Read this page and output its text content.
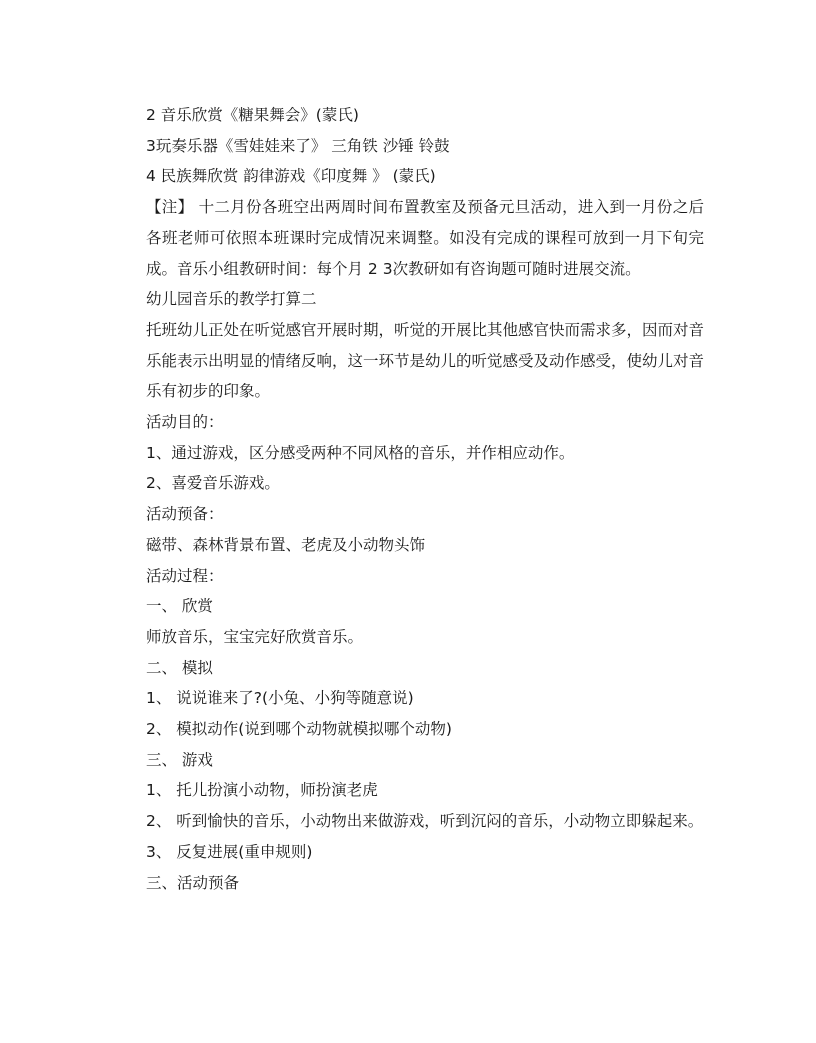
2 音乐欣赏《糖果舞会》(蒙氏)

3玩奏乐器《雪娃娃来了》 三角铁 沙锤 铃鼓

4 民族舞欣赏 韵律游戏《印度舞 》 (蒙氏)

【注】 十二月份各班空出两周时间布置教室及预备元旦活动，进入到一月份之后各班老师可依照本班课时完成情况来调整。如没有完成的课程可放到一月下旬完成。音乐小组教研时间：每个月 2 3次教研如有咨询题可随时进展交流。

幼儿园音乐的教学打算二

托班幼儿正处在听觉感官开展时期，听觉的开展比其他感官快而需求多，因而对音乐能表示出明显的情绪反响，这一环节是幼儿的听觉感受及动作感受，使幼儿对音乐有初步的印象。

活动目的：

1、通过游戏，区分感受两种不同风格的音乐，并作相应动作。

2、喜爱音乐游戏。

活动预备：

磁带、森林背景布置、老虎及小动物头饰

活动过程：

一、 欣赏

师放音乐，宝宝完好欣赏音乐。

二、 模拟

1、 说说谁来了?(小兔、小狗等随意说)

2、 模拟动作(说到哪个动物就模拟哪个动物)

三、 游戏

1、 托儿扮演小动物，师扮演老虎

2、 听到愉快的音乐，小动物出来做游戏，听到沉闷的音乐，小动物立即躲起来。

3、 反复进展(重申规则)

三、活动预备
